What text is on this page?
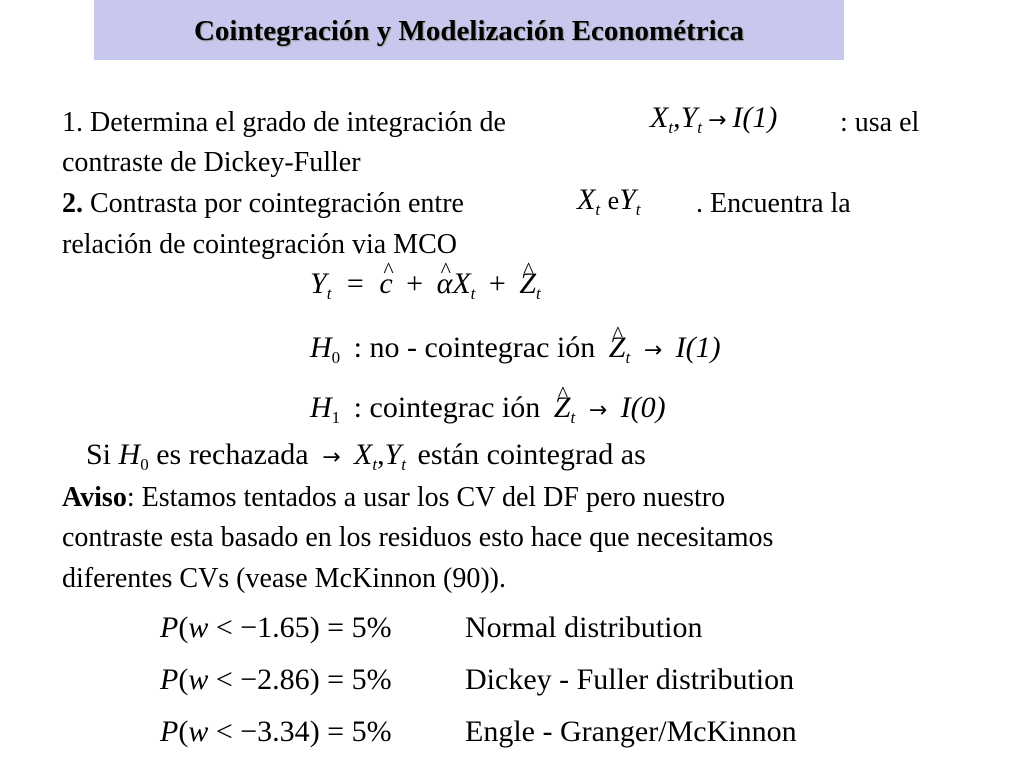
Cointegración y Modelización Econométrica
1. Determina el grado de integración de	$X_t,Y_t \to I(1)$ : usa el
contraste de Dickey-Fuller
2. Contrasta por cointegración entre	$X_t$ $eY_t$ . Encuentra la
relación de cointegración via MCO
$Y_t$ = ^ c + ^ $\alpha X_t$ + ^ $Z_t$
$H_0$ : no - cointegrac ión ^ $Z_t \to I(1)$
$H_1$ : cointegrac ión ^ $Z_t \to I(0)$
Si $H_0$ es rechazada → $X_t,Y_t$ están cointegrad as
Aviso: Estamos tentados a usar los CV del DF pero nuestro
contraste esta basado en los residuos esto hace que necesitamos
diferentes CVs (vease McKinnon (90)).
P(w < −1.65) = 5% Normal distribution
P(w < −2.86) = 5% Dickey - Fuller distribution
P(w < −3.34) = 5% Engle - Granger/McKinnon
